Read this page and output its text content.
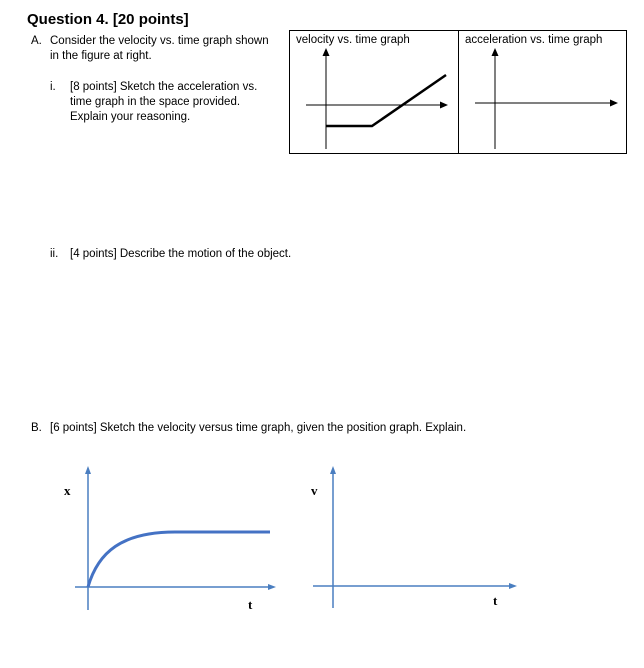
Question 4. [20 points]
A. Consider the velocity vs. time graph shown in the figure at right.
i. [8 points] Sketch the acceleration vs. time graph in the space provided. Explain your reasoning.
ii. [4 points] Describe the motion of the object.
velocity vs. time graph	acceleration vs. time graph
B. [6 points] Sketch the velocity versus time graph, given the position graph. Explain.
x
t
v
t
